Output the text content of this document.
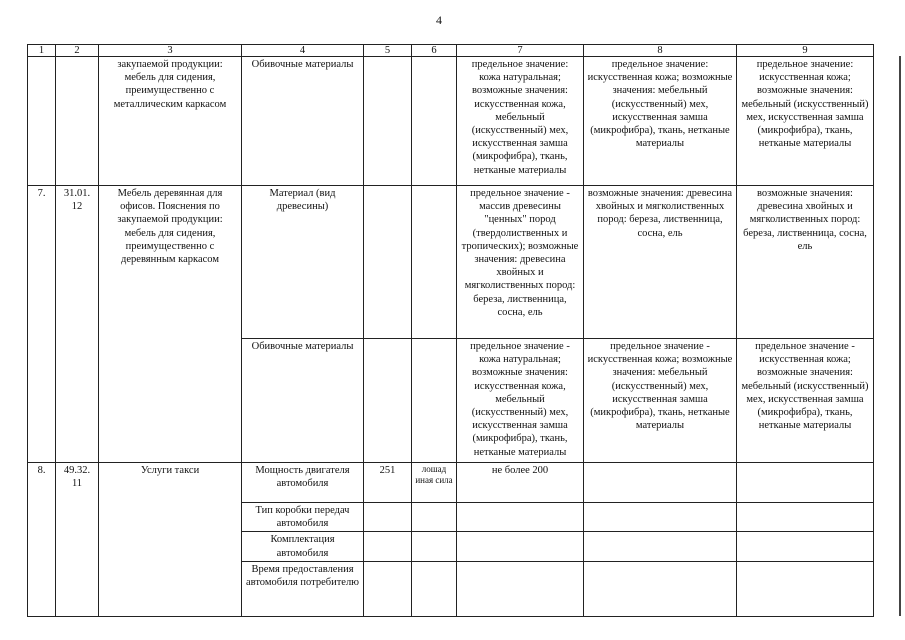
4
1	2	3	4	5	6	7	8	9
		закупаемой продукции: мебель для сидения, преимущественно с металлическим каркасом	Обивочные материалы			предельное значение: кожа натуральная; возможные значения: искусственная кожа, мебельный (искусственный) мех, искусственная замша (микрофибра), ткань, нетканые материалы	предельное значение: искусственная кожа; возможные значения: мебельный (искусственный) мех, искусственная замша (микрофибра), ткань, нетканые материалы	предельное значение: искусственная кожа; возможные значения: мебельный (искусственный) мех, искусственная замша (микрофибра), ткань, нетканые материалы
7.	31.01. 12	Мебель деревянная для офисов. Пояснения по закупаемой продукции: мебель для сидения, преимущественно с деревянным каркасом	Материал (вид древесины)			предельное значение - массив древесины "ценных" пород (твердолиственных и тропических); возможные значения: древесина хвойных и мягколиственных пород: береза, лиственница, сосна, ель	возможные значения: древесина хвойных и мягколиственных пород: береза, лиственница, сосна, ель	возможные значения: древесина хвойных и мягколиственных пород: береза, лиственница, сосна, ель
			Обивочные материалы			предельное значение - кожа натуральная; возможные значения: искусственная кожа, мебельный (искусственный) мех, искусственная замша (микрофибра), ткань, нетканые материалы	предельное значение - искусственная кожа; возможные значения: мебельный (искусственный) мех, искусственная замша (микрофибра), ткань, нетканые материалы	предельное значение - искусственная кожа; возможные значения: мебельный (искусственный) мех, искусственная замша (микрофибра), ткань, нетканые материалы
8.	49.32. 11	Услуги такси	Мощность двигателя автомобиля	251	лошад иная сила	не более 200		
			Тип коробки передач автомобиля					
			Комплектация автомобиля					
			Время предоставления автомобиля потребителю					
